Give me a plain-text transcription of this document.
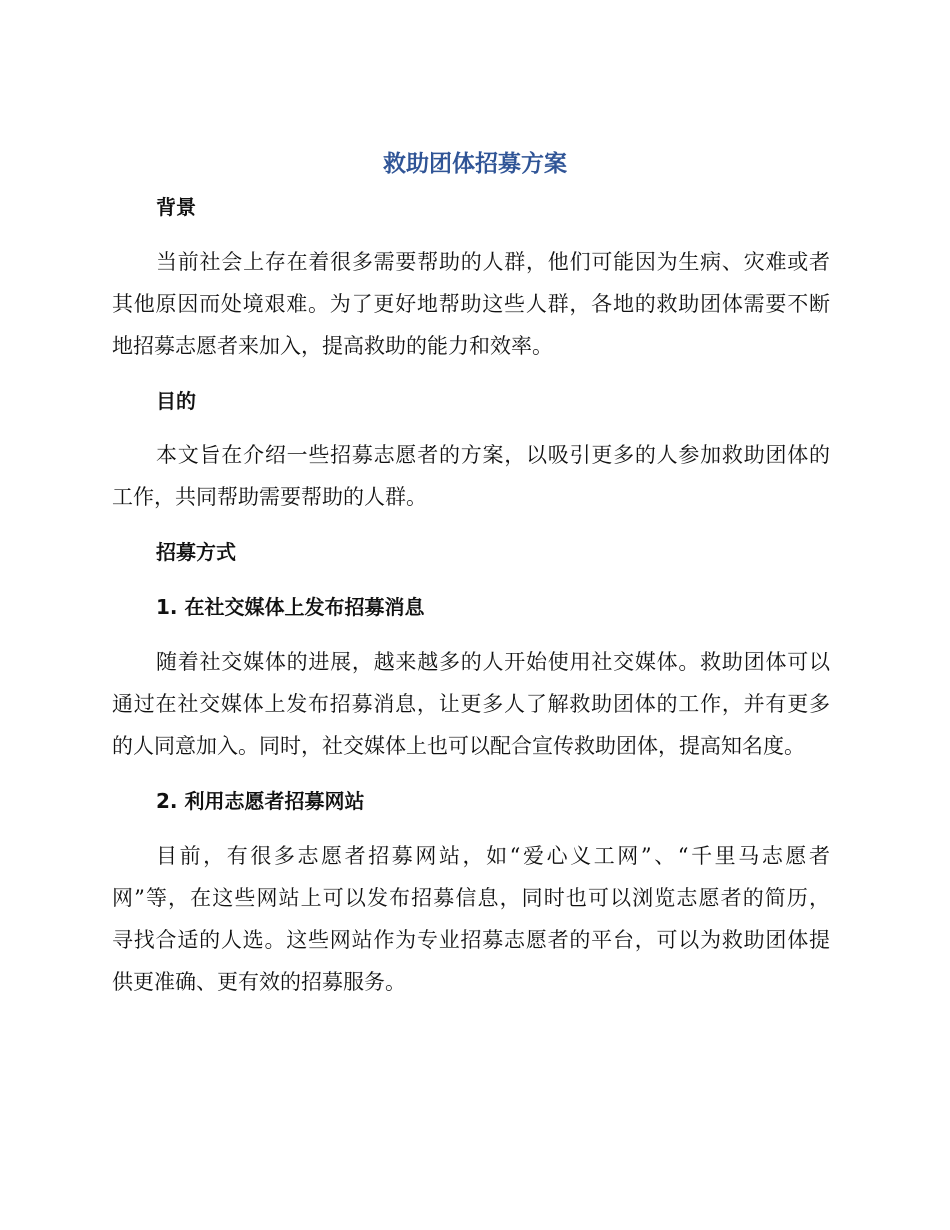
救助团体招募方案
背景
当前社会上存在着很多需要帮助的人群，他们可能因为生病、灾难或者
其他原因而处境艰难。为了更好地帮助这些人群，各地的救助团体需要不断
地招募志愿者来加入，提高救助的能力和效率。
目的
本文旨在介绍一些招募志愿者的方案，以吸引更多的人参加救助团体的
工作，共同帮助需要帮助的人群。
招募方式
1. 在社交媒体上发布招募消息
随着社交媒体的进展，越来越多的人开始使用社交媒体。救助团体可以
通过在社交媒体上发布招募消息，让更多人了解救助团体的工作，并有更多
的人同意加入。同时，社交媒体上也可以配合宣传救助团体，提高知名度。
2. 利用志愿者招募网站
目前，有很多志愿者招募网站，如“爱心义工网”、“千里马志愿者
网”等，在这些网站上可以发布招募信息，同时也可以浏览志愿者的简历，
寻找合适的人选。这些网站作为专业招募志愿者的平台，可以为救助团体提
供更准确、更有效的招募服务。
